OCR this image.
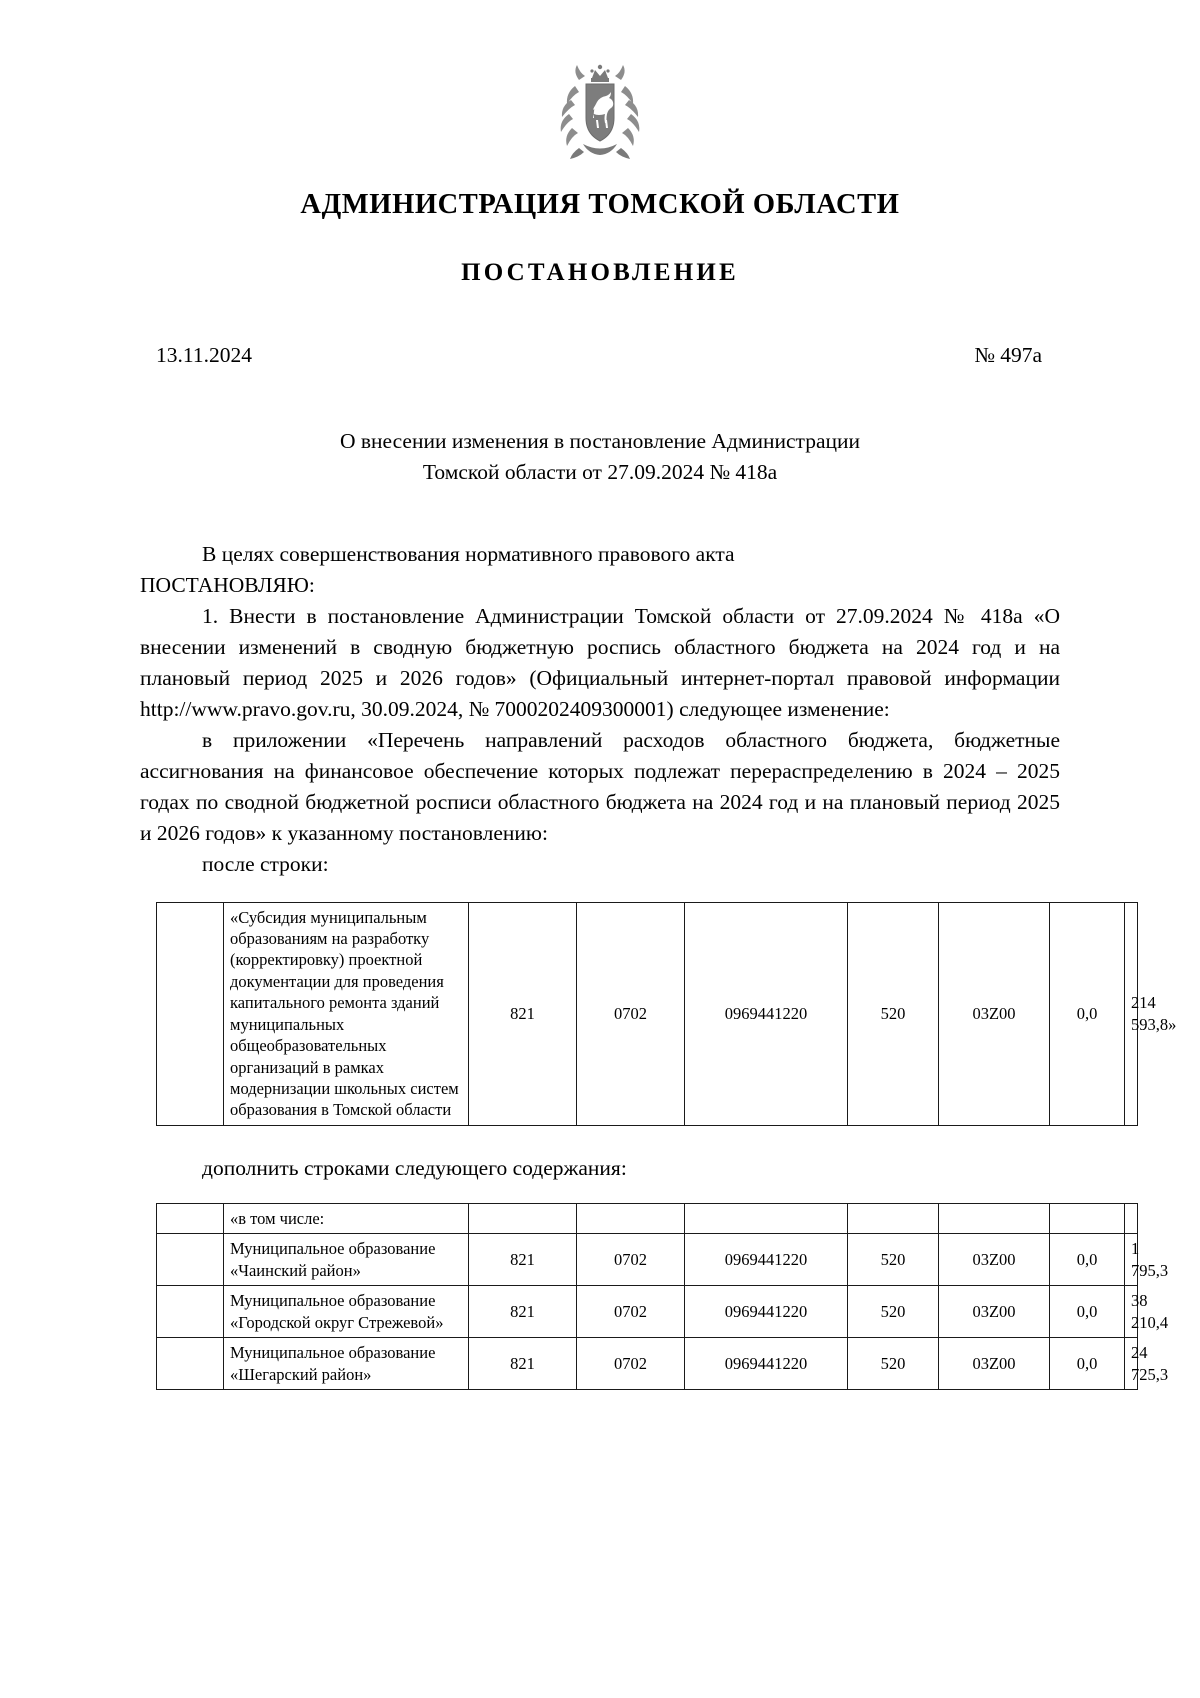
АДМИНИСТРАЦИЯ ТОМСКОЙ ОБЛАСТИ
ПОСТАНОВЛЕНИЕ
13.11.2024	№ 497а
О внесении изменения в постановление Администрации
Томской области от 27.09.2024 № 418а

В целях совершенствования нормативного правового акта

ПОСТАНОВЛЯЮ:

1. Внести в постановление Администрации Томской области от 27.09.2024 № 418а «О внесении изменений в сводную бюджетную роспись областного бюджета на 2024 год и на плановый период 2025 и 2026 годов» (Официальный интернет-портал правовой информации http://www.pravo.gov.ru, 30.09.2024, № 7000202409300001) следующее изменение:

в приложении «Перечень направлений расходов областного бюджета, бюджетные ассигнования на финансовое обеспечение которых подлежат перераспределению в 2024 – 2025 годах по сводной бюджетной росписи областного бюджета на 2024 год и на плановый период 2025 и 2026 годов» к указанному постановлению:

после строки:

	«Субсидия муниципальным образованиям на разработку (корректировку) проектной документации для проведения капитального ремонта зданий муниципальных общеобразовательных организаций в рамках модернизации школьных систем образования в Томской области	821	0702	0969441220	520	03Z00	0,0	214 593,8»

дополнить строками следующего содержания:

	«в том числе:							
	Муниципальное образование «Чаинский район»	821	0702	0969441220	520	03Z00	0,0	1 795,3
	Муниципальное образование «Городской округ Стрежевой»	821	0702	0969441220	520	03Z00	0,0	38 210,4
	Муниципальное образование «Шегарский район»	821	0702	0969441220	520	03Z00	0,0	24 725,3
